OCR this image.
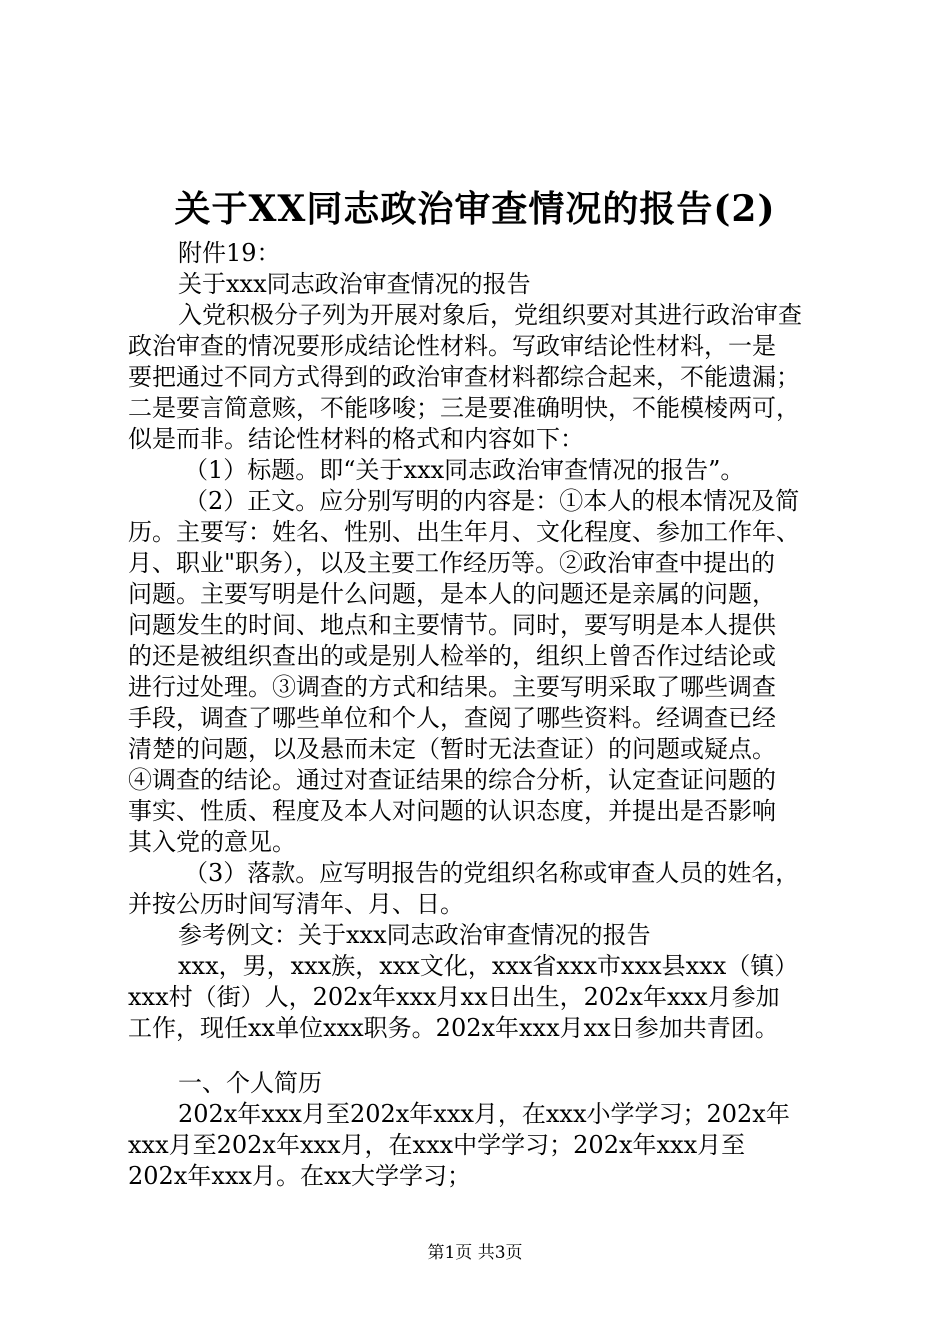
关于XX同志政治审查情况的报告(2)
附件19：
关于xxx同志政治审查情况的报告
入党积极分子列为开展对象后，党组织要对其进行政治审查
政治审查的情况要形成结论性材料。写政审结论性材料，一是
要把通过不同方式得到的政治审查材料都综合起来，不能遗漏；
二是要言简意赅，不能哆唆；三是要准确明快，不能模棱两可，
似是而非。结论性材料的格式和内容如下：
（1）标题。即“关于xxx同志政治审查情况的报告”。
（2）正文。应分别写明的内容是：①本人的根本情况及简
历。主要写：姓名、性别、出生年月、文化程度、参加工作年、
月、职业"职务），以及主要工作经历等。②政治审查中提出的
问题。主要写明是什么问题，是本人的问题还是亲属的问题，
问题发生的时间、地点和主要情节。同时，要写明是本人提供
的还是被组织查出的或是别人检举的，组织上曾否作过结论或
进行过处理。③调查的方式和结果。主要写明采取了哪些调查
手段，调查了哪些单位和个人，查阅了哪些资料。经调查已经
清楚的问题，以及悬而未定（暂时无法查证）的问题或疑点。
④调查的结论。通过对查证结果的综合分析，认定查证问题的
事实、性质、程度及本人对问题的认识态度，并提出是否影响
其入党的意见。
（3）落款。应写明报告的党组织名称或审查人员的姓名，
并按公历时间写清年、月、日。
参考例文：关于xxx同志政治审查情况的报告
xxx，男，xxx族，xxx文化，xxx省xxx市xxx县xxx（镇）
xxx村（街）人，202x年xxx月xx日出生，202x年xxx月参加
工作，现任xx单位xxx职务。202x年xxx月xx日参加共青团。
一、个人简历
202x年xxx月至202x年xxx月，在xxx小学学习；202x年
xxx月至202x年xxx月，在xxx中学学习；202x年xxx月至
202x年xxx月。在xx大学学习；
第1页 共3页
